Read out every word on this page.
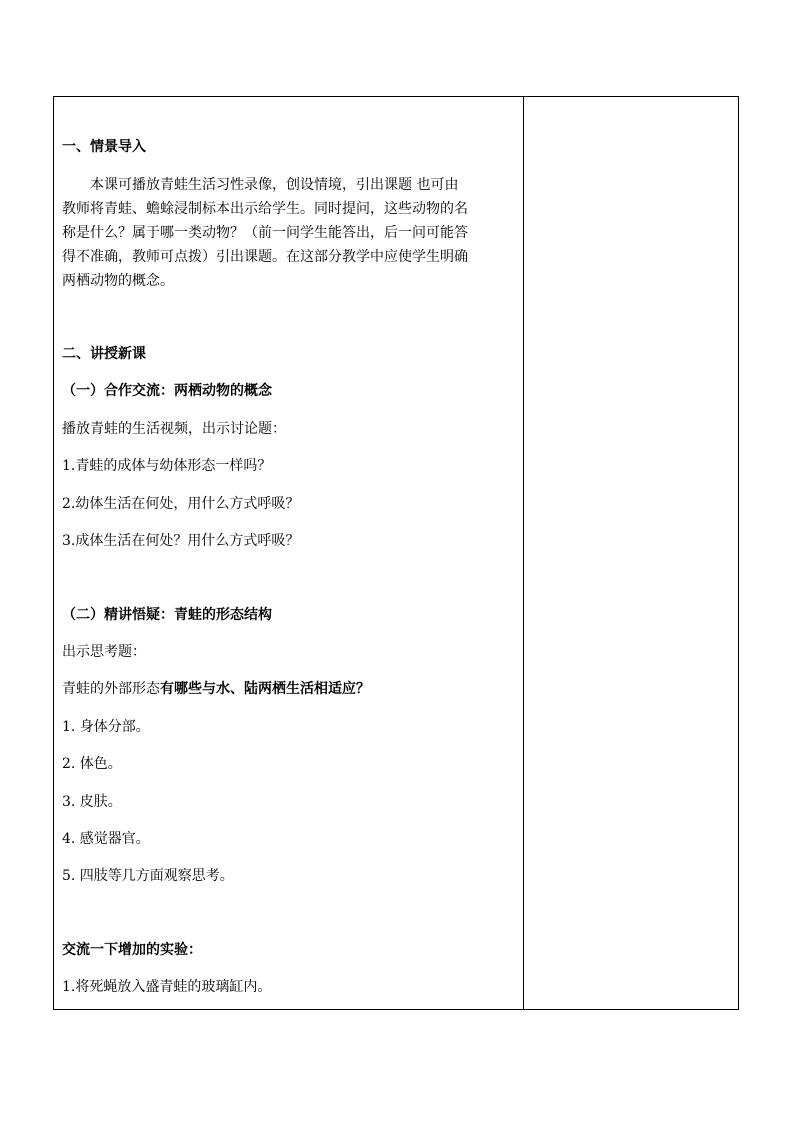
一、情景导入
本课可播放青蛙生活习性录像，创设情境，引出课题 也可由
教师将青蛙、蟾蜍浸制标本出示给学生。同时提问，这些动物的名
称是什么？属于哪一类动物？（前一问学生能答出，后一问可能答
得不准确，教师可点拨）引出课题。在这部分教学中应使学生明确
两栖动物的概念。
二、讲授新课
（一）合作交流：两栖动物的概念
播放青蛙的生活视频，出示讨论题：
1.青蛙的成体与幼体形态一样吗？
2.幼体生活在何处，用什么方式呼吸？
3.成体生活在何处？用什么方式呼吸？
（二）精讲悟疑：青蛙的形态结构
出示思考题：
青蛙的外部形态有哪些与水、陆两栖生活相适应？
1. 身体分部。
2. 体色。
3. 皮肤。
4. 感觉器官。
5. 四肢等几方面观察思考。
交流一下增加的实验：
1.将死蝇放入盛青蛙的玻璃缸内。
